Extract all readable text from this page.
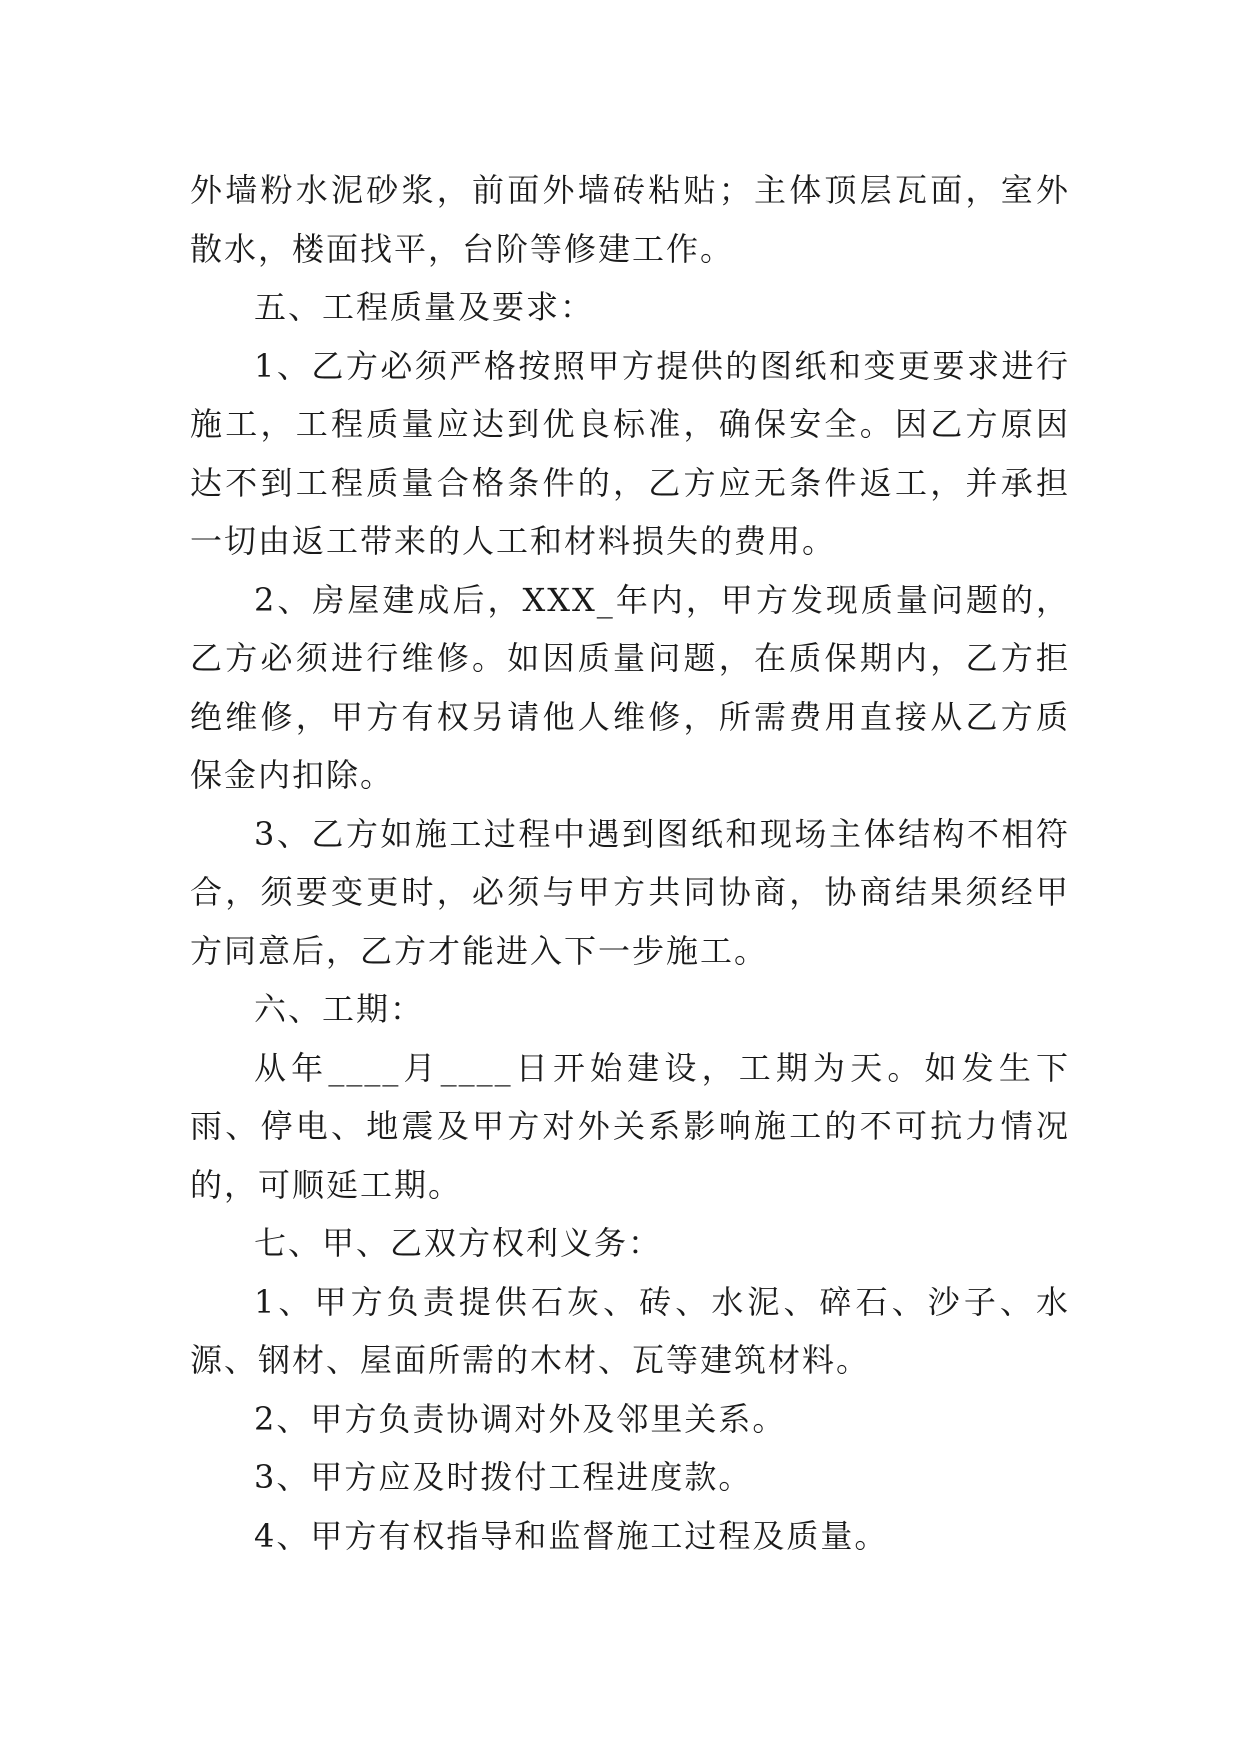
外墙粉水泥砂浆，前面外墙砖粘贴；主体顶层瓦面，室外散水，楼面找平，台阶等修建工作。

五、工程质量及要求：

1、乙方必须严格按照甲方提供的图纸和变更要求进行施工，工程质量应达到优良标准，确保安全。因乙方原因达不到工程质量合格条件的，乙方应无条件返工，并承担一切由返工带来的人工和材料损失的费用。

2、房屋建成后，XXX_年内，甲方发现质量问题的，乙方必须进行维修。如因质量问题，在质保期内，乙方拒绝维修，甲方有权另请他人维修，所需费用直接从乙方质保金内扣除。

3、乙方如施工过程中遇到图纸和现场主体结构不相符合，须要变更时，必须与甲方共同协商，协商结果须经甲方同意后，乙方才能进入下一步施工。

六、工期：

从年____月____日开始建设，工期为天。如发生下雨、停电、地震及甲方对外关系影响施工的不可抗力情况的，可顺延工期。

七、甲、乙双方权利义务：

1、甲方负责提供石灰、砖、水泥、碎石、沙子、水源、钢材、屋面所需的木材、瓦等建筑材料。

2、甲方负责协调对外及邻里关系。

3、甲方应及时拨付工程进度款。

4、甲方有权指导和监督施工过程及质量。
